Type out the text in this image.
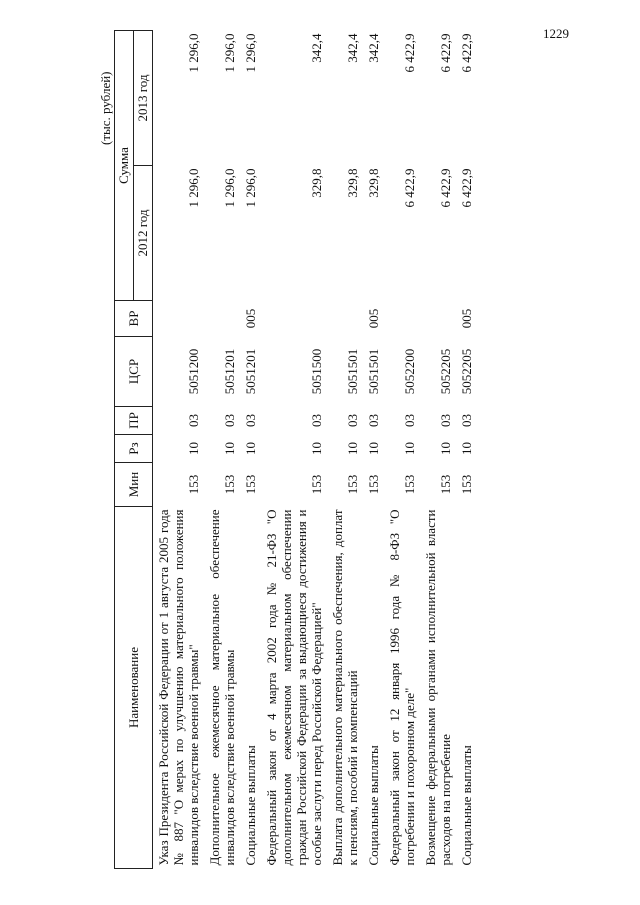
1229
(тыс. рублей)
Наименование	Мин	Рз	ПР	ЦСР	ВР	Сумма	
						2012 год	2013 год
Указ Президента Российской Федерации от 1 августа 2005 года № 887 "О мерах по улучшению материального положения инвалидов вследствие военной травмы"	153	10	03	5051200		1 296,0	1 296,0
Дополнительное ежемесячное материальное обеспечение инвалидов вследствие военной травмы	153	10	03	5051201		1 296,0	1 296,0
Социальные выплаты	153	10	03	5051201	005	1 296,0	1 296,0
Федеральный закон от 4 марта 2002 года № 21-ФЗ "О дополнительном ежемесячном материальном обеспечении граждан Российской Федерации за выдающиеся достижения и особые заслуги перед Российской Федерацией"	153	10	03	5051500		329,8	342,4
Выплата дополнительного материального обеспечения, доплат к пенсиям, пособий и компенсаций	153	10	03	5051501		329,8	342,4
Социальные выплаты	153	10	03	5051501	005	329,8	342,4
Федеральный закон от 12 января 1996 года № 8-ФЗ "О погребении и похоронном деле"	153	10	03	5052200		6 422,9	6 422,9
Возмещение федеральными органами исполнительной власти расходов на погребение	153	10	03	5052205		6 422,9	6 422,9
Социальные выплаты	153	10	03	5052205	005	6 422,9	6 422,9
